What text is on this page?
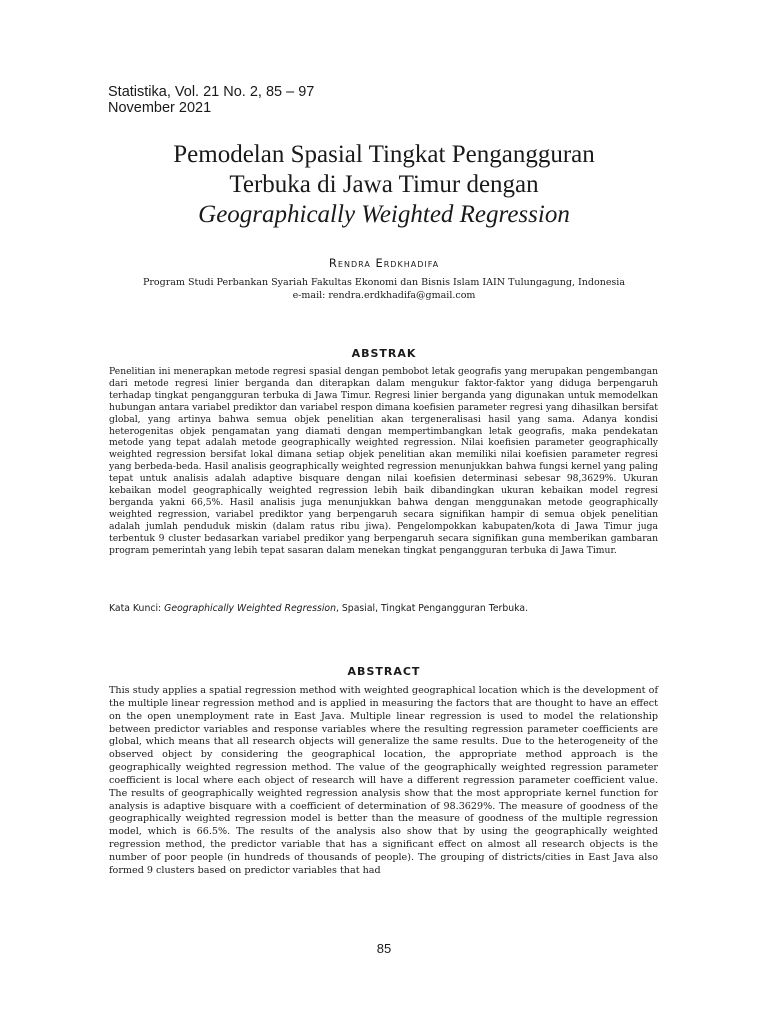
Statistika, Vol. 21 No. 2, 85 – 97
November 2021
Pemodelan Spasial Tingkat Pengangguran
Terbuka di Jawa Timur dengan
Geographically Weighted Regression
Rendra Erdkhadifa
Program Studi Perbankan Syariah Fakultas Ekonomi dan Bisnis Islam IAIN Tulungagung, Indonesia
e-mail: rendra.erdkhadifa@gmail.com
ABSTRAK
Penelitian ini menerapkan metode regresi spasial dengan pembobot letak geografis yang merupakan pengembangan dari metode regresi linier berganda dan diterapkan dalam mengukur faktor-faktor yang diduga berpengaruh terhadap tingkat pengangguran terbuka di Jawa Timur. Regresi linier berganda yang digunakan untuk memodelkan hubungan antara variabel prediktor dan variabel respon dimana koefisien parameter regresi yang dihasilkan bersifat global, yang artinya bahwa semua objek penelitian akan tergeneralisasi hasil yang sama. Adanya kondisi heterogenitas objek pengamatan yang diamati dengan mempertimbangkan letak geografis, maka pendekatan metode yang tepat adalah metode geographically weighted regression. Nilai koefisien parameter geographically weighted regression bersifat lokal dimana setiap objek penelitian akan memiliki nilai koefisien parameter regresi yang berbeda-beda. Hasil analisis geographically weighted regression menunjukkan bahwa fungsi kernel yang paling tepat untuk analisis adalah adaptive bisquare dengan nilai koefisien determinasi sebesar 98,3629%. Ukuran kebaikan model geographically weighted regression lebih baik dibandingkan ukuran kebaikan model regresi berganda yakni 66,5%. Hasil analisis juga menunjukkan bahwa dengan menggunakan metode geographically weighted regression, variabel prediktor yang berpengaruh secara signifikan hampir di semua objek penelitian adalah jumlah penduduk miskin (dalam ratus ribu jiwa). Pengelompokkan kabupaten/kota di Jawa Timur juga terbentuk 9 cluster bedasarkan variabel predikor yang berpengaruh secara signifikan guna memberikan gambaran program pemerintah yang lebih tepat sasaran dalam menekan tingkat pengangguran terbuka di Jawa Timur.
Kata Kunci: Geographically Weighted Regression, Spasial, Tingkat Pengangguran Terbuka.
ABSTRACT
This study applies a spatial regression method with weighted geographical location which is the development of the multiple linear regression method and is applied in measuring the factors that are thought to have an effect on the open unemployment rate in East Java. Multiple linear regression is used to model the relationship between predictor variables and response variables where the resulting regression parameter coefficients are global, which means that all research objects will generalize the same results. Due to the heterogeneity of the observed object by considering the geographical location, the appropriate method approach is the geographically weighted regression method. The value of the geographically weighted regression parameter coefficient is local where each object of research will have a different regression parameter coefficient value. The results of geographically weighted regression analysis show that the most appropriate kernel function for analysis is adaptive bisquare with a coefficient of determination of 98.3629%. The measure of goodness of the geographically weighted regression model is better than the measure of goodness of the multiple regression model, which is 66.5%. The results of the analysis also show that by using the geographically weighted regression method, the predictor variable that has a significant effect on almost all research objects is the number of poor people (in hundreds of thousands of people). The grouping of districts/cities in East Java also formed 9 clusters based on predictor variables that had
85
